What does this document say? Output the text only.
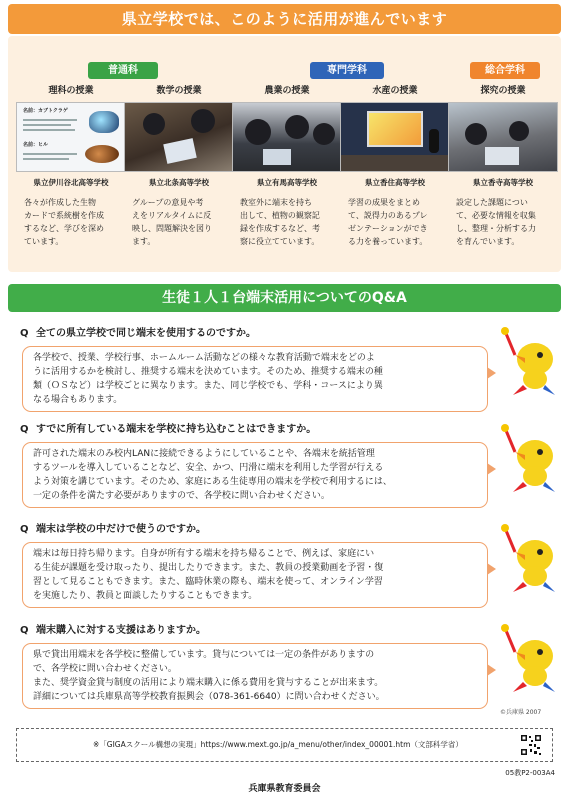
県立学校では、このように活用が進んでいます
普通科	専門学科	総合学科
理科の授業
名前：カブトクラゲ
名前：ヒル
県立伊川谷北高等学校
各々が作成した生物
カードで系統樹を作成
するなど、学びを深め
ています。
数学の授業
県立北条高等学校
グループの意見や考
えをリアルタイムに反
映し、問題解決を図り
ます。
農業の授業
県立有馬高等学校
教室外に端末を持ち
出して、植物の観察記
録を作成するなど、考
察に役立てています。
水産の授業
県立香住高等学校
学習の成果をまとめ
て、説得力のあるプレ
ゼンテーションができ
る力を養っています。
探究の授業
県立香寺高等学校
設定した課題につい
て、必要な情報を収集
し、整理・分析する力
を育んでいます。
生徒１人１台端末活用についてのQ&A
Q 全ての県立学校で同じ端末を使用するのですか。
各学校で、授業、学校行事、ホームルーム活動などの様々な教育活動で端末をどのよ
うに活用するかを検討し、推奨する端末を決めています。そのため、推奨する端末の種
類（ＯＳなど）は学校ごとに異なります。また、同じ学校でも、学科・コースにより異
なる場合もあります。
Q すでに所有している端末を学校に持ち込むことはできますか。
許可された端末のみ校内LANに接続できるようにしていることや、各端末を統括管理
するツールを導入していることなど、安全、かつ、円滑に端末を利用した学習が行える
よう対策を講じています。そのため、家庭にある生徒専用の端末を学校で利用するには、
一定の条件を満たす必要がありますので、各学校に問い合わせください。
Q 端末は学校の中だけで使うのですか。
端末は毎日持ち帰ります。自身が所有する端末を持ち帰ることで、例えば、家庭にい
る生徒が課題を受け取ったり、提出したりできます。また、教員の授業動画を予習・復
習として見ることもできます。また、臨時休業の際も、端末を使って、オンライン学習
を実施したり、教員と面談したりすることもできます。
Q 端末購入に対する支援はありますか。
県で貸出用端末を各学校に整備しています。貸与については一定の条件がありますの
で、各学校に問い合わせください。
また、奨学資金貸与制度の活用により端末購入に係る費用を貸与することが出来ます。
詳細については兵庫県高等学校教育振興会（078-361-6640）に問い合わせください。
©兵庫県 2007
※「GIGAスクール構想の実現」https://www.mext.go.jp/a_menu/other/index_00001.htm（文部科学省）
05教P2-003A4
兵庫県教育委員会
